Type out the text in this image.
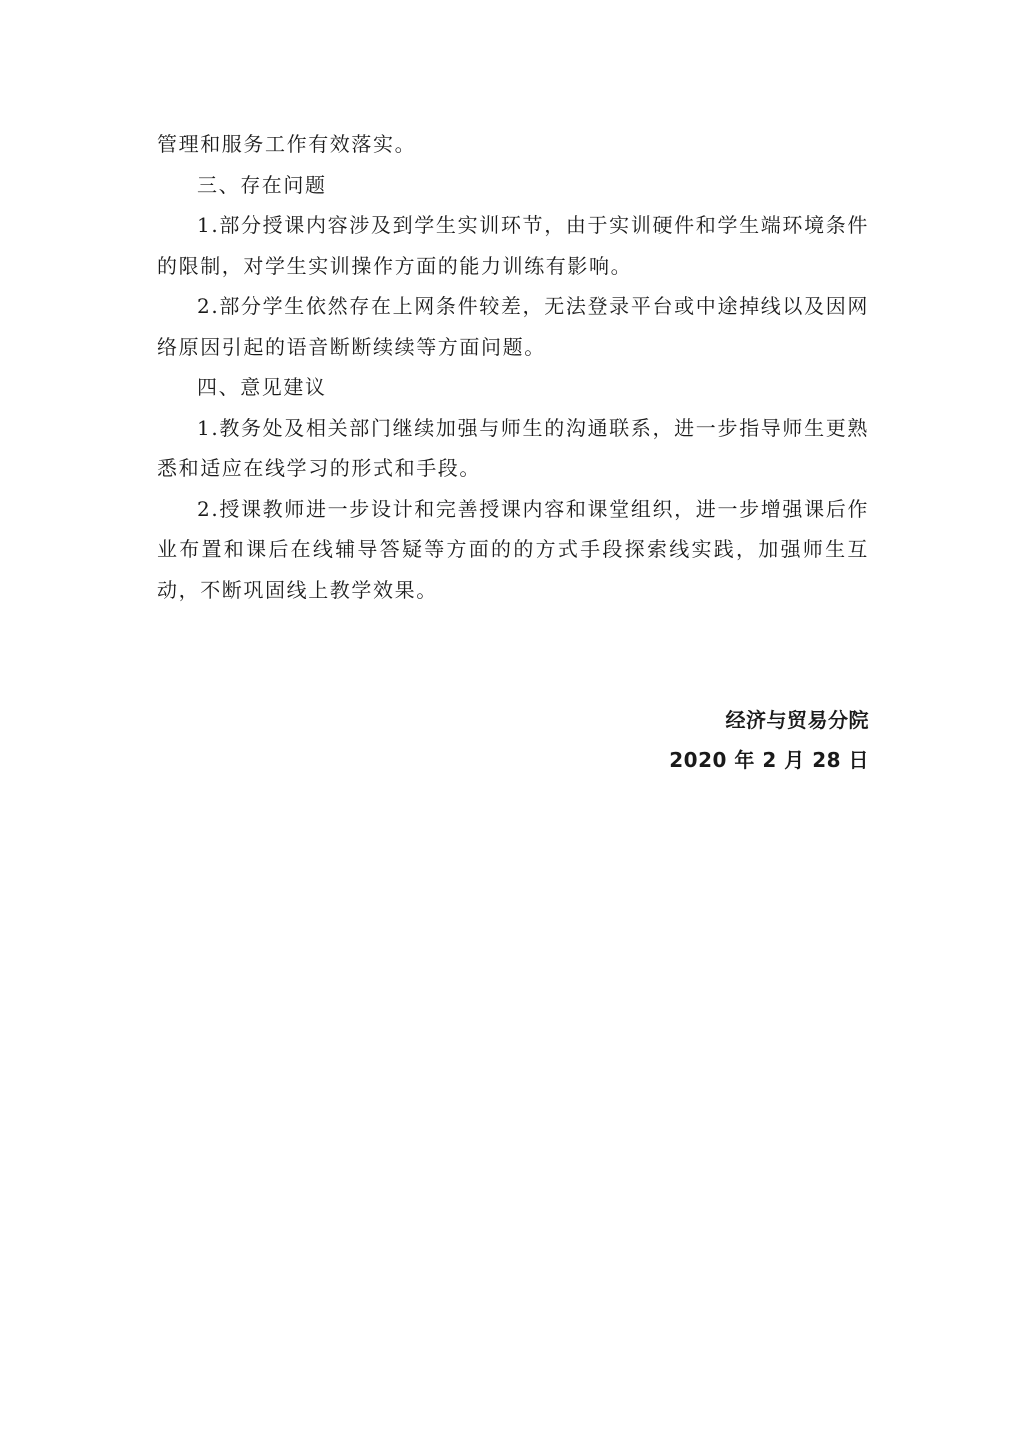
管理和服务工作有效落实。

三、存在问题

1.部分授课内容涉及到学生实训环节，由于实训硬件和学生端环境条件的限制，对学生实训操作方面的能力训练有影响。

2.部分学生依然存在上网条件较差，无法登录平台或中途掉线以及因网络原因引起的语音断断续续等方面问题。

四、意见建议

1.教务处及相关部门继续加强与师生的沟通联系，进一步指导师生更熟悉和适应在线学习的形式和手段。

2.授课教师进一步设计和完善授课内容和课堂组织，进一步增强课后作业布置和课后在线辅导答疑等方面的的方式手段探索线实践，加强师生互动，不断巩固线上教学效果。

经济与贸易分院
2020 年 2 月 28 日
